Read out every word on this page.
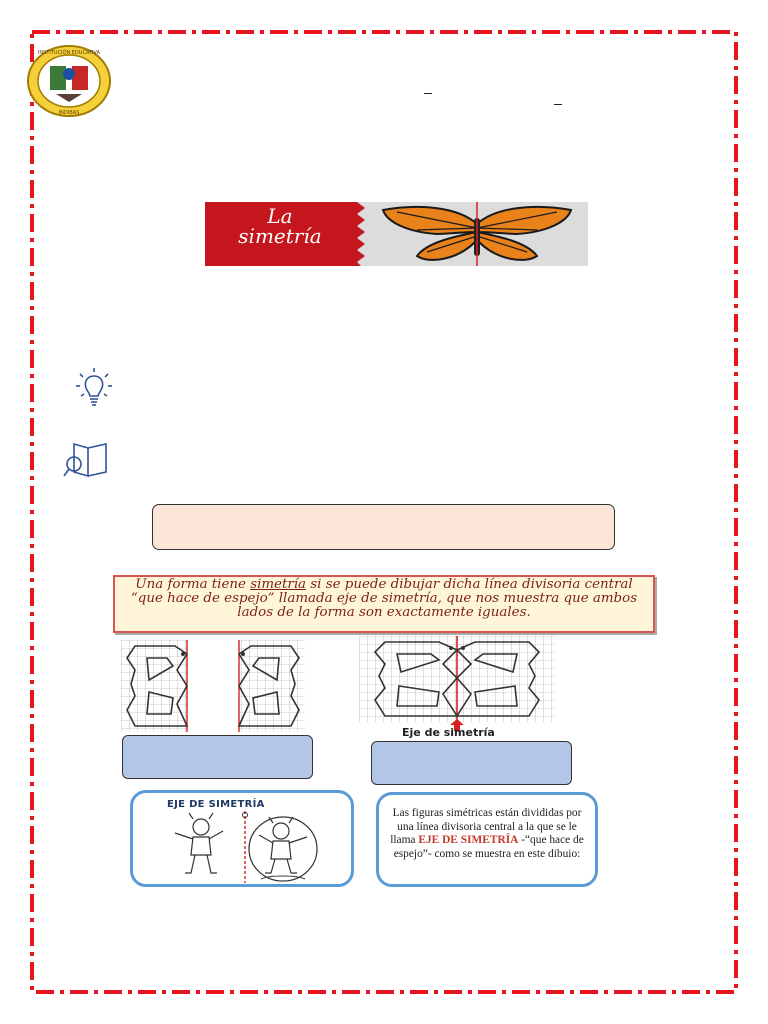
INSTITUCIÓN EDUCATIVA
INDIBAS
La
simetría

Una forma tiene simetría si se puede dibujar dicha línea divisoria central “que hace de espejo” llamada eje de simetría, que nos muestra que ambos lados de la forma son exactamente iguales.

Eje de simetría
EJE DE SIMETRÍA

Las figuras simétricas están divididas por una línea divisoria central a la que se le llama EJE DE SIMETRÍA -“que hace de espejo”- como se muestra en este dibuio:
